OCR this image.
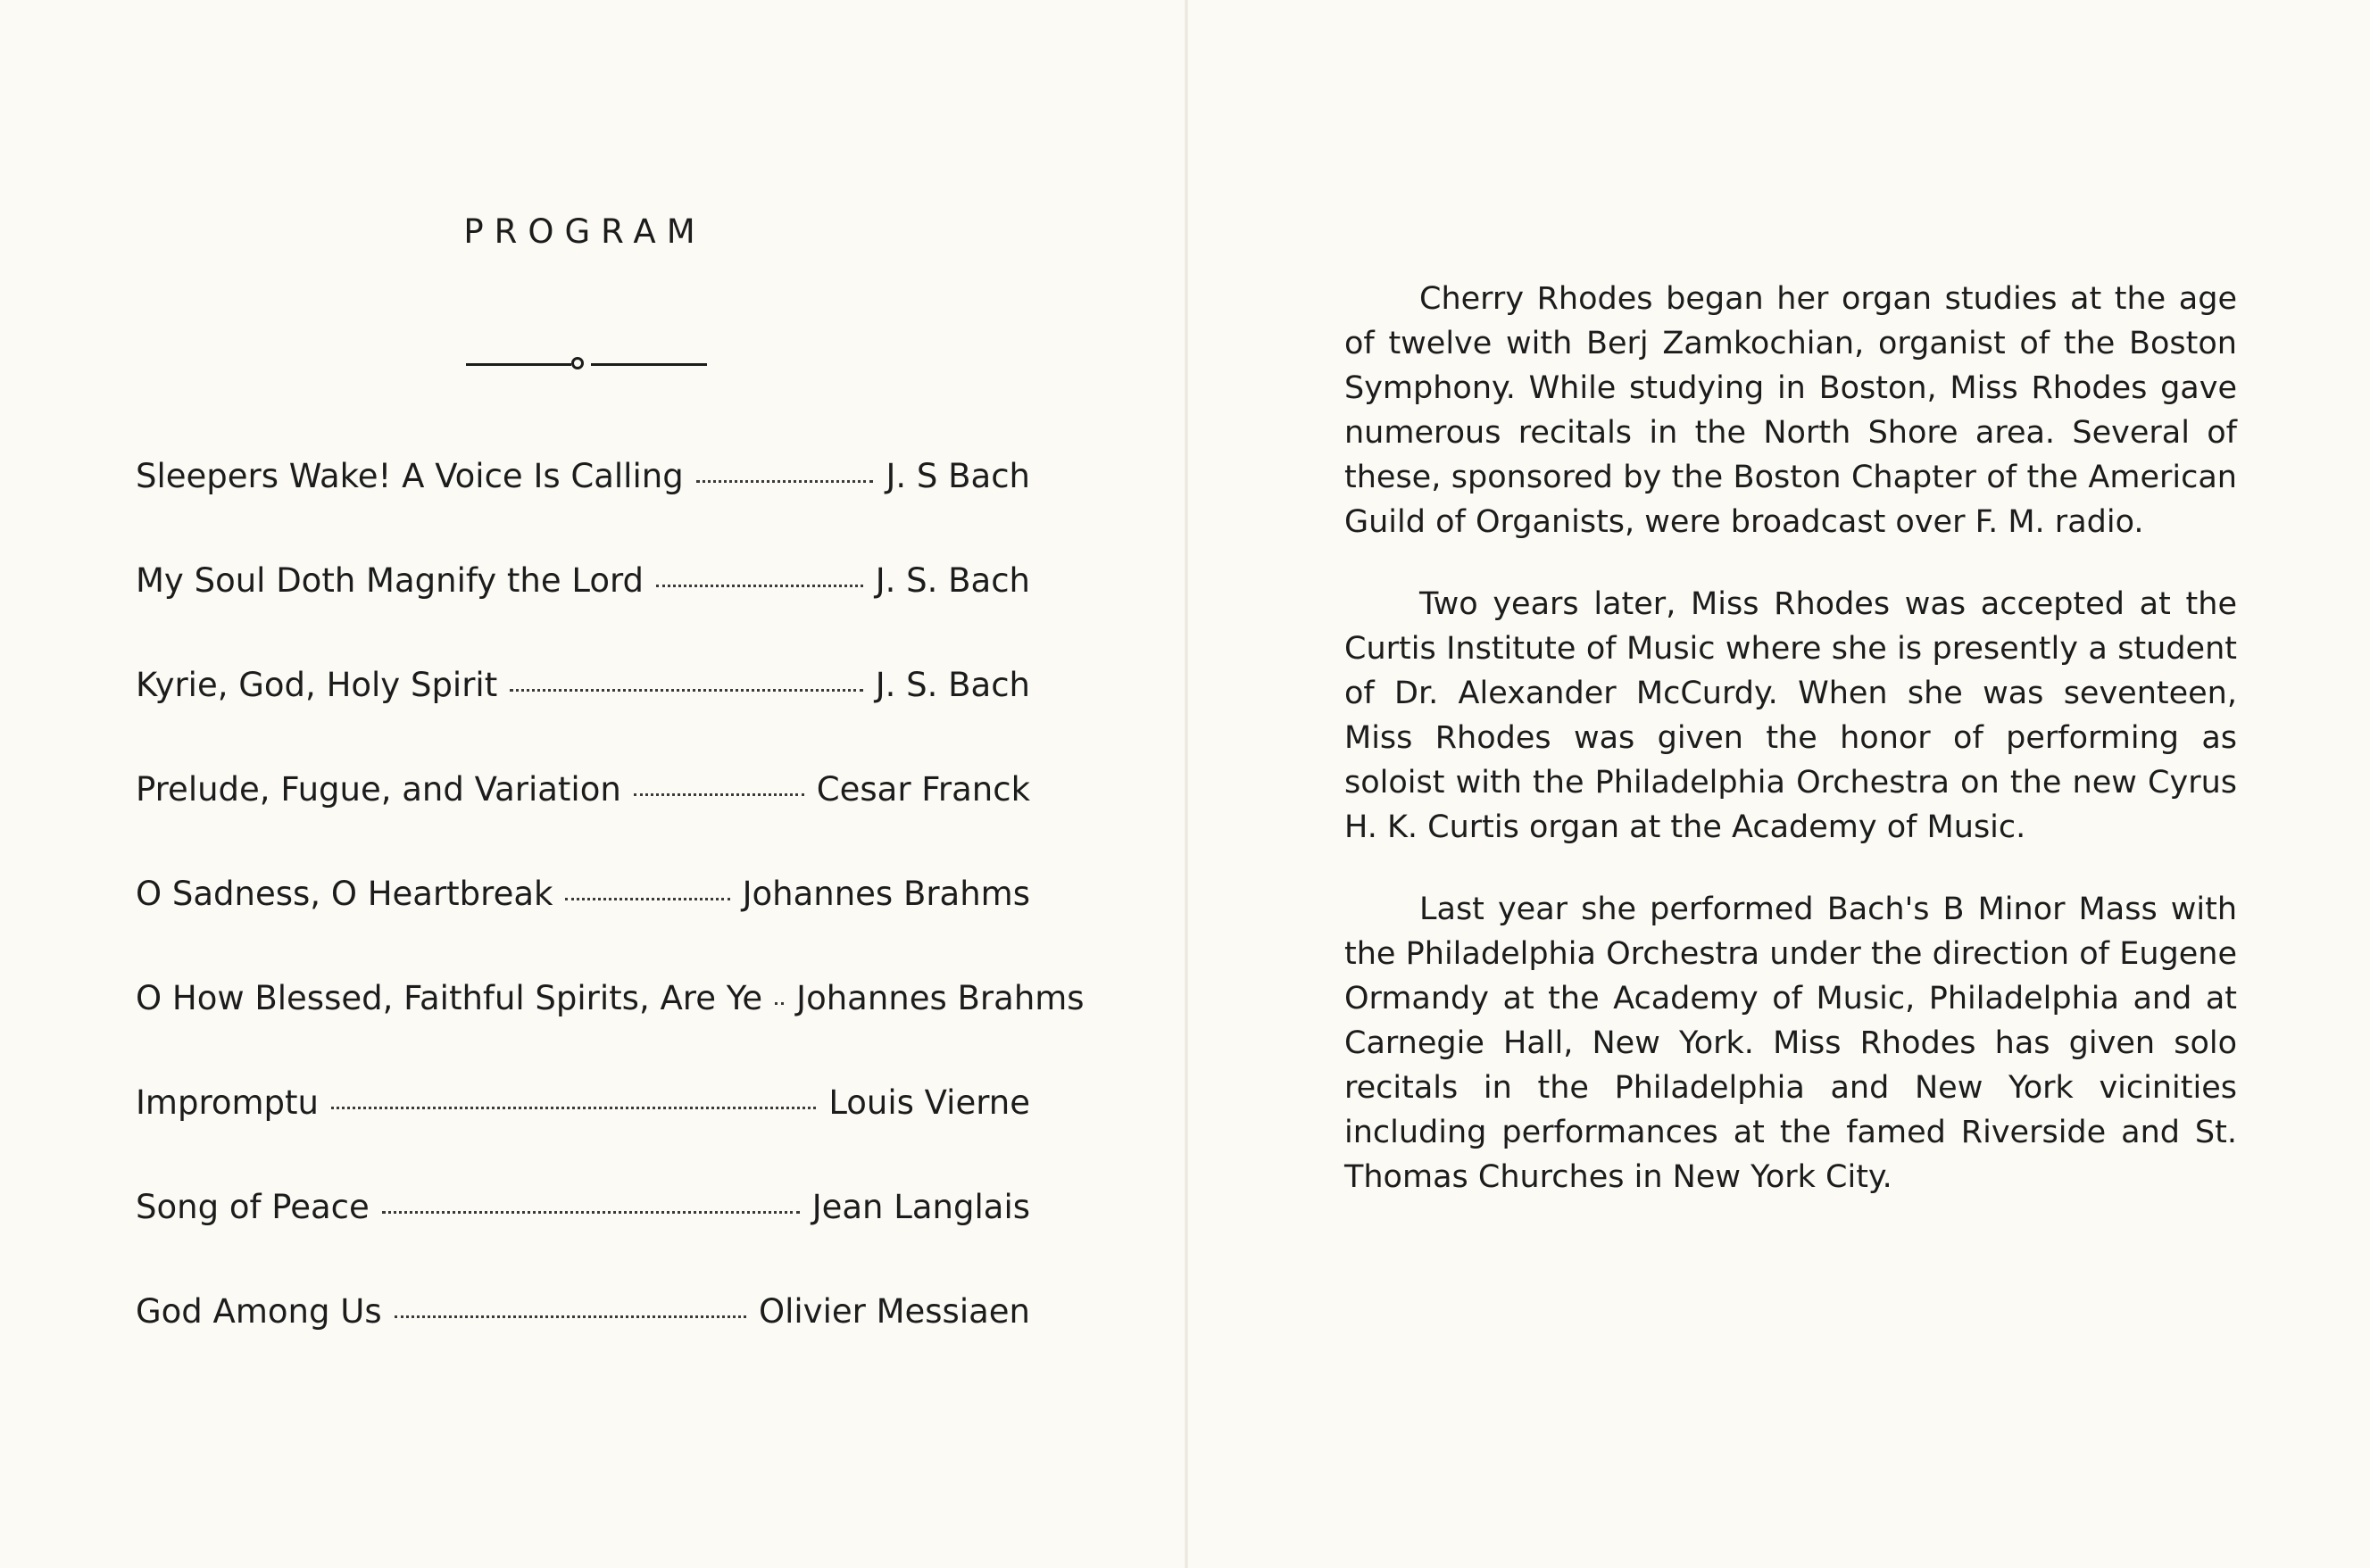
PROGRAM
Sleepers Wake! A Voice Is Calling	J. S Bach
My Soul Doth Magnify the Lord	J. S. Bach
Kyrie, God, Holy Spirit	J. S. Bach
Prelude, Fugue, and Variation	Cesar Franck
O Sadness, O Heartbreak	Johannes Brahms
O How Blessed, Faithful Spirits, Are Ye Johannes Brahms
Impromptu	Louis Vierne
Song of Peace	Jean Langlais
God Among Us	Olivier Messiaen

Cherry Rhodes began her organ studies at the age of twelve with Berj Zamkochian, organist of the Boston Symphony. While studying in Boston, Miss Rhodes gave numerous recitals in the North Shore area. Several of these, sponsored by the Boston Chapter of the American Guild of Organists, were broadcast over F. M. radio.

Two years later, Miss Rhodes was accepted at the Curtis Institute of Music where she is presently a student of Dr. Alexander McCurdy. When she was seventeen, Miss Rhodes was given the honor of performing as soloist with the Philadelphia Orchestra on the new Cyrus H. K. Curtis organ at the Academy of Music.

Last year she performed Bach's B Minor Mass with the Philadelphia Orchestra under the direction of Eugene Ormandy at the Academy of Music, Philadelphia and at Carnegie Hall, New York. Miss Rhodes has given solo recitals in the Philadelphia and New York vicinities including performances at the famed Riverside and St. Thomas Churches in New York City.
